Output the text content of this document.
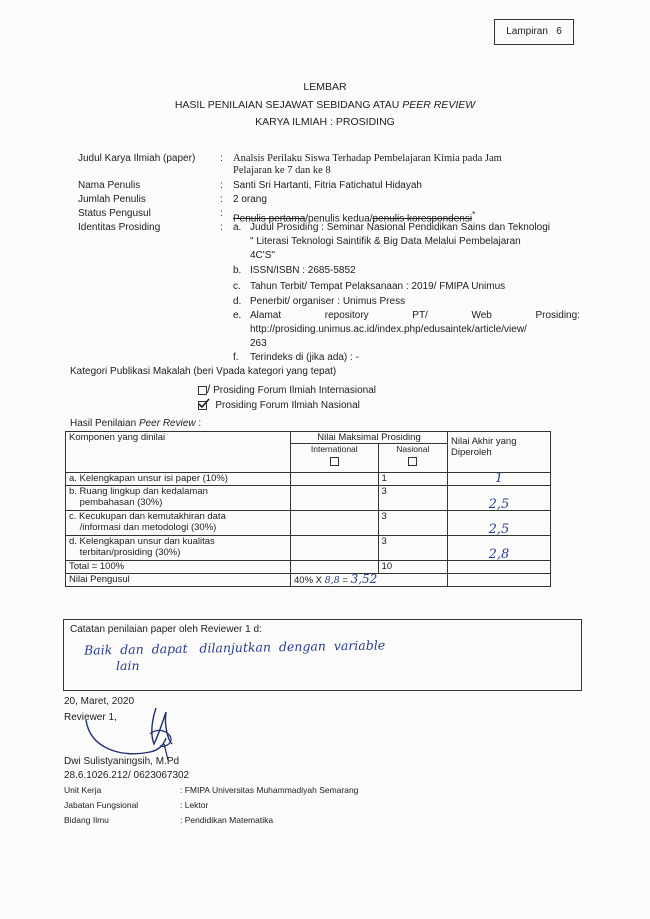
Lampiran   6
LEMBAR
HASIL PENILAIAN SEJAWAT SEBIDANG ATAU PEER REVIEW
KARYA ILMIAH : PROSIDING
Judul Karya Ilmiah (paper) : Analsis Perilaku Siswa Terhadap Pembelajaran Kimia pada Jam
Pelajaran ke 7 dan ke 8
Nama Penulis	: Santi Sri Hartanti, Fitria Fatichatul Hidayah
Jumlah Penulis	: 2 orang
Status Pengusul	: Penulis pertama/penulis kedua/penulis korespondensi*
Identitas Prosiding	: a. Judul Prosiding : Seminar Nasional Pendidikan Sains dan Teknologi
" Literasi Teknologi Saintifik & Big Data Melalui Pembelajaran
4C'S"
b. ISSN/ISBN : 2685-5852
c. Tahun Terbit/ Tempat Pelaksanaan : 2019/ FMIPA Unimus
d. Penerbit/ organiser : Unimus Press
e. Alamat	repository	PT/	Web	Prosiding:
http://prosiding.unimus.ac.id/index.php/edusaintek/article/view/
263
f. Terindeks di (jika ada) : -
Kategori Publikasi Makalah (beri Vpada kategori yang tepat)
/ Prosiding Forum Ilmiah Internasional
Prosiding Forum Ilmiah Nasional
Hasil Penilaian Peer Review :
Komponen yang dinilai	Nilai Maksimal Prosiding		Nilai Akhir yang
Diperoleh
	International	Nasional	

a. Kelengkapan unsur isi paper (10%)		1	1
b. Ruang lingkup dan kedalaman
pembahasan (30%)		3	2,5
c. Kecukupan dan kemutakhiran data
/informasi dan metodologi (30%)		3	2,5
d. Kelengkapan unsur dan kualitas
terbitan/prosiding (30%)		3	2,8
Total = 100%		10	
Nilai Pengusul	40% X 8,8 = 3,52		
Catatan penilaian paper oleh Reviewer 1 d:
Baik  dan  dapat   dilanjutkan  dengan  variable
lain
20, Maret, 2020
Reviewer 1,
Dwi Sulistyaningsih, M.Pd
28.6.1026.212/ 0623067302
Unit Kerja	: FMIPA Universitas Muhammadiyah Semarang
Jabatan Fungsional	: Lektor
Bidang Ilmu	: Pendidikan Matematika
